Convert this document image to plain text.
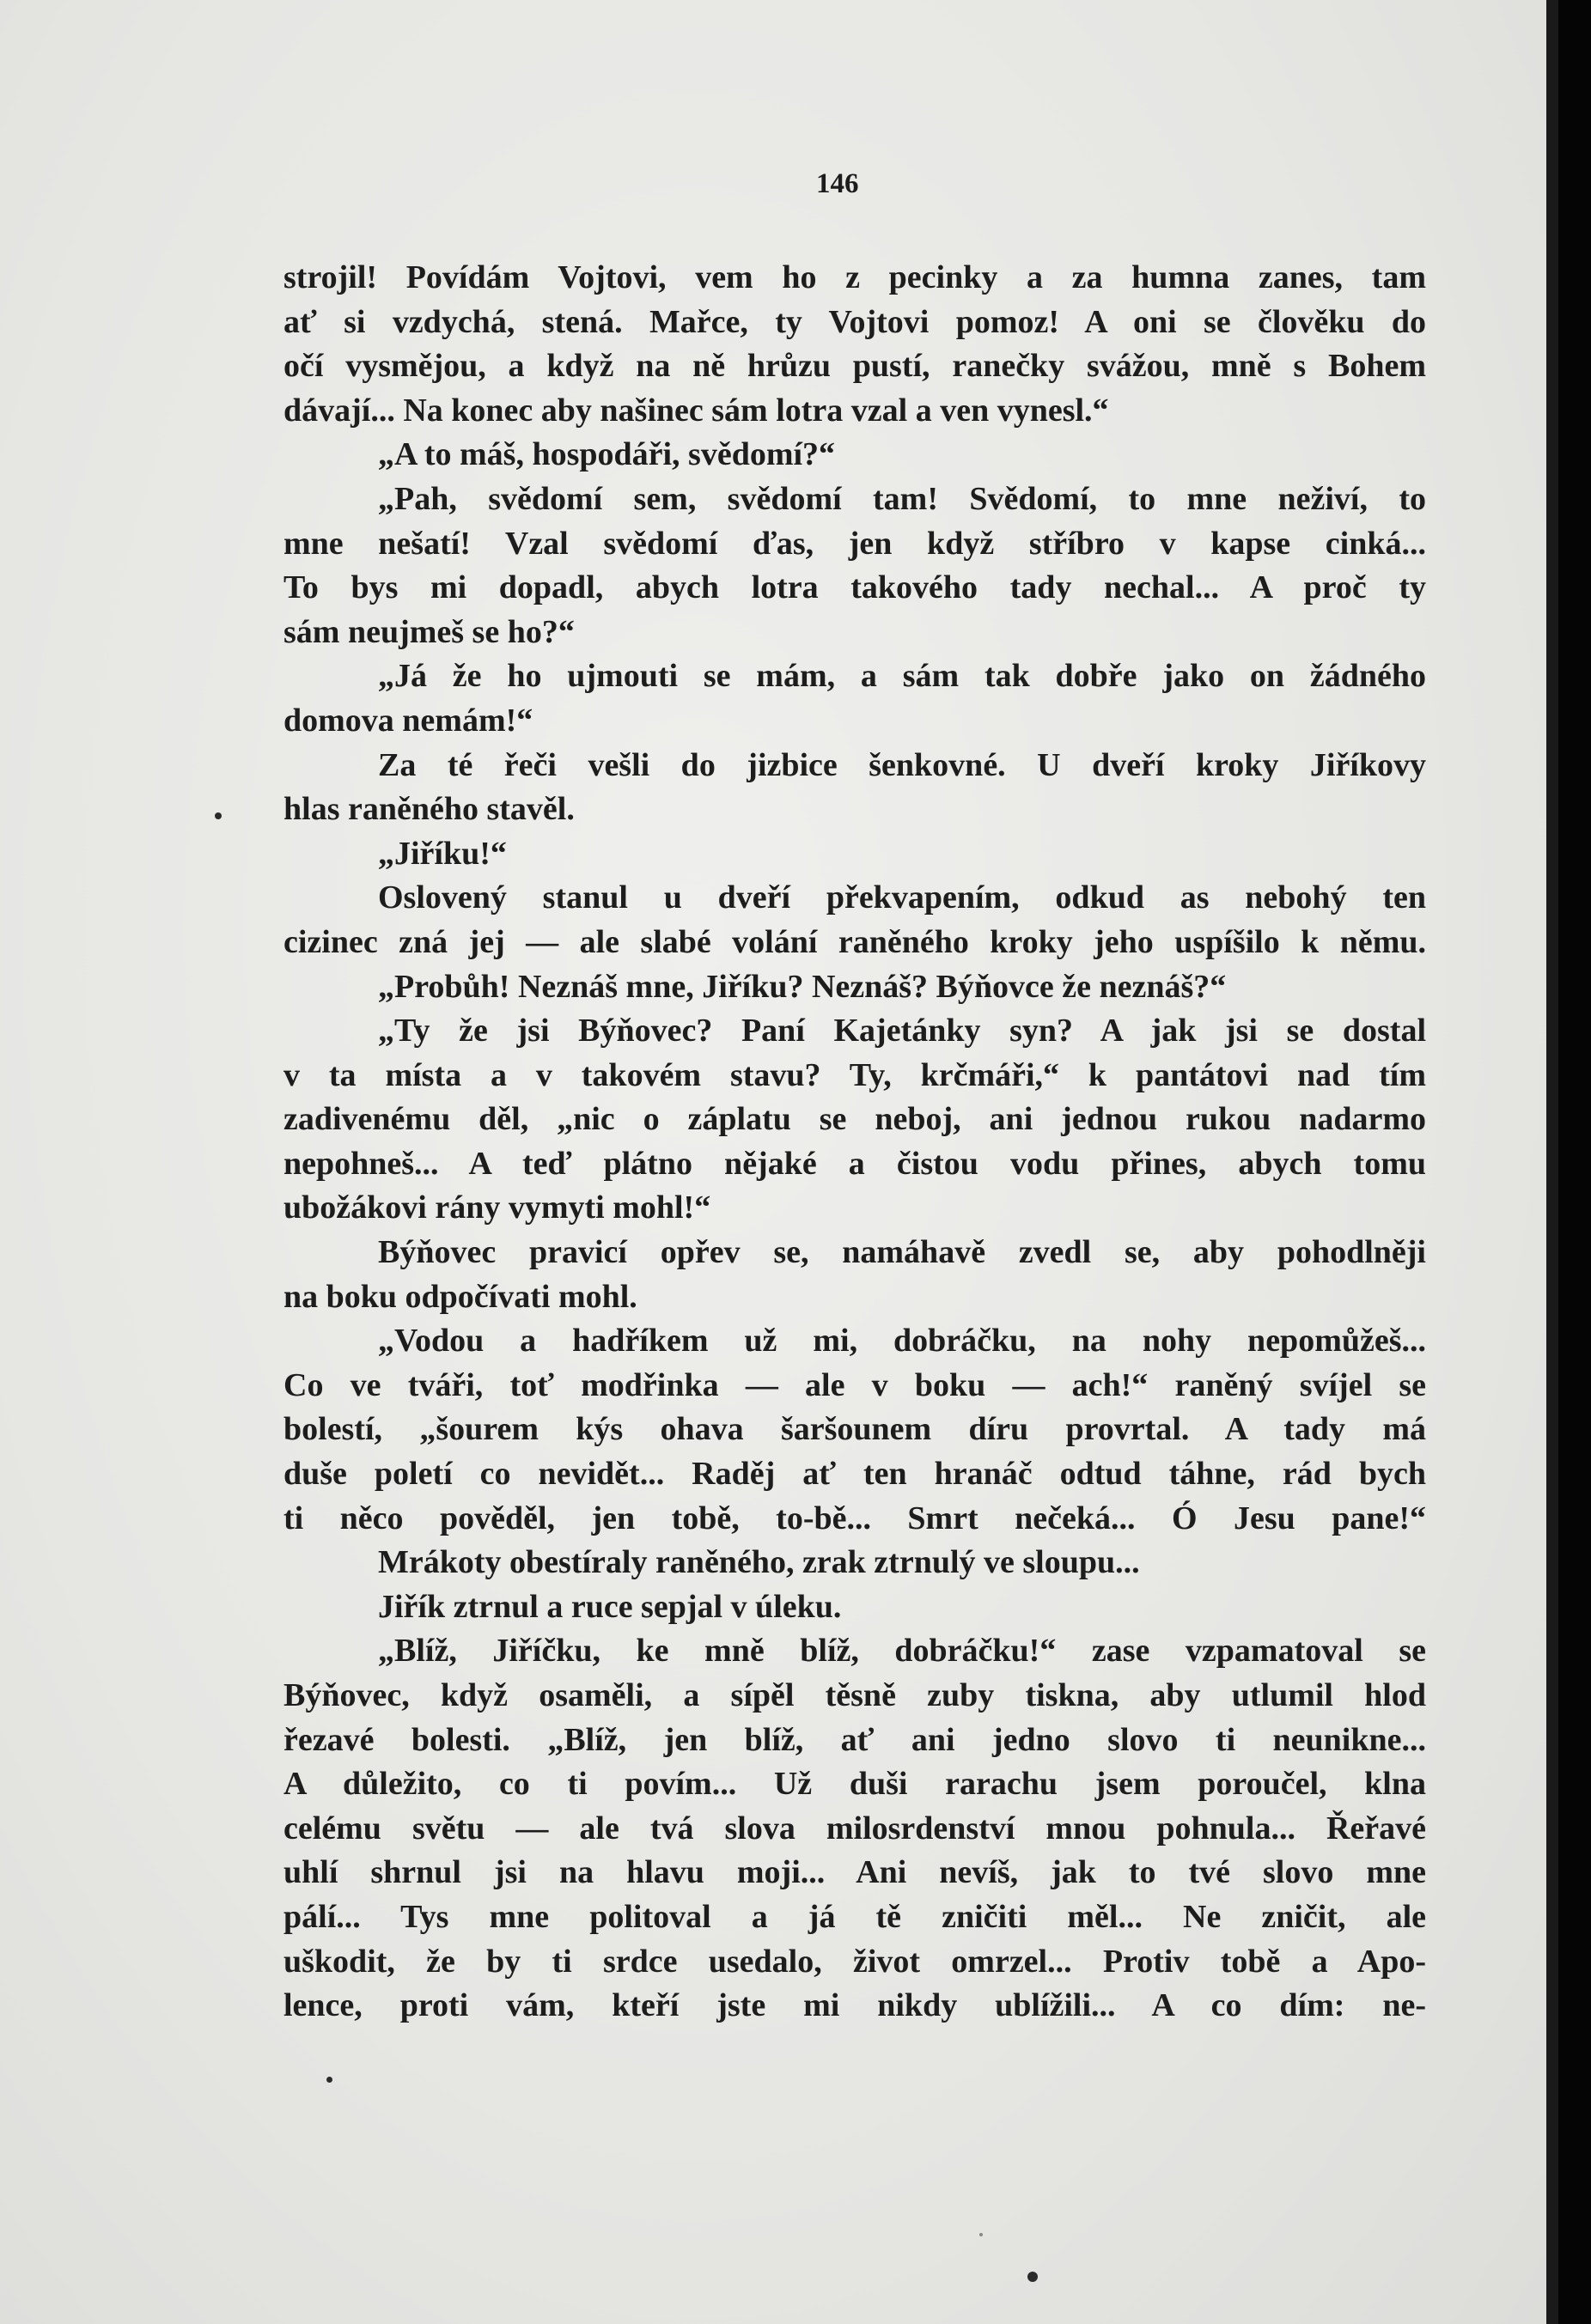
146
strojil! Povídám Vojtovi, vem ho z pecinky a za humna zanes, tam
ať si vzdychá, stená. Mařce, ty Vojtovi pomoz! A oni se člověku do
očí vysmějou, a když na ně hrůzu pustí, ranečky svážou, mně s Bohem
dávají... Na konec aby našinec sám lotra vzal a ven vynesl.“
„A to máš, hospodáři, svědomí?“
„Pah, svědomí sem, svědomí tam! Svědomí, to mne neživí, to
mne nešatí! Vzal svědomí ďas, jen když stříbro v kapse cinká...
To bys mi dopadl, abych lotra takového tady nechal... A proč ty
sám neujmeš se ho?“
„Já že ho ujmouti se mám, a sám tak dobře jako on žádného
domova nemám!“
Za té řeči vešli do jizbice šenkovné. U dveří kroky Jiříkovy
hlas raněného stavěl.
„Jiříku!“
Oslovený stanul u dveří překvapením, odkud as nebohý ten
cizinec zná jej — ale slabé volání raněného kroky jeho uspíšilo k němu.
„Probůh! Neznáš mne, Jiříku? Neznáš? Býňovce že neznáš?“
„Ty že jsi Býňovec? Paní Kajetánky syn? A jak jsi se dostal
v ta místa a v takovém stavu? Ty, krčmáři,“ k pantátovi nad tím
zadivenému děl, „nic o záplatu se neboj, ani jednou rukou nadarmo
nepohneš... A teď plátno nějaké a čistou vodu přines, abych tomu
ubožákovi rány vymyti mohl!“
Býňovec pravicí opřev se, namáhavě zvedl se, aby pohodlněji
na boku odpočívati mohl.
„Vodou a hadříkem už mi, dobráčku, na nohy nepomůžeš...
Co ve tváři, toť modřinka — ale v boku — ach!“ raněný svíjel se
bolestí, „šourem kýs ohava šaršounem díru provrtal. A tady má
duše poletí co nevidět... Raděj ať ten hranáč odtud táhne, rád bych
ti něco pověděl, jen tobě, to-bě... Smrt nečeká... Ó Jesu pane!“
Mrákoty obestíraly raněného, zrak ztrnulý ve sloupu...
Jiřík ztrnul a ruce sepjal v úleku.
„Blíž, Jiříčku, ke mně blíž, dobráčku!“ zase vzpamatoval se
Býňovec, když osaměli, a sípěl těsně zuby tiskna, aby utlumil hlod
řezavé bolesti. „Blíž, jen blíž, ať ani jedno slovo ti neunikne...
A důležito, co ti povím... Už duši rarachu jsem poroučel, klna
celému světu — ale tvá slova milosrdenství mnou pohnula... Řeřavé
uhlí shrnul jsi na hlavu moji... Ani nevíš, jak to tvé slovo mne
pálí... Tys mne politoval a já tě zničiti měl... Ne zničit, ale
uškodit, že by ti srdce usedalo, život omrzel... Protiv tobě a Apo-
lence, proti vám, kteří jste mi nikdy ublížili... A co dím: ne-
